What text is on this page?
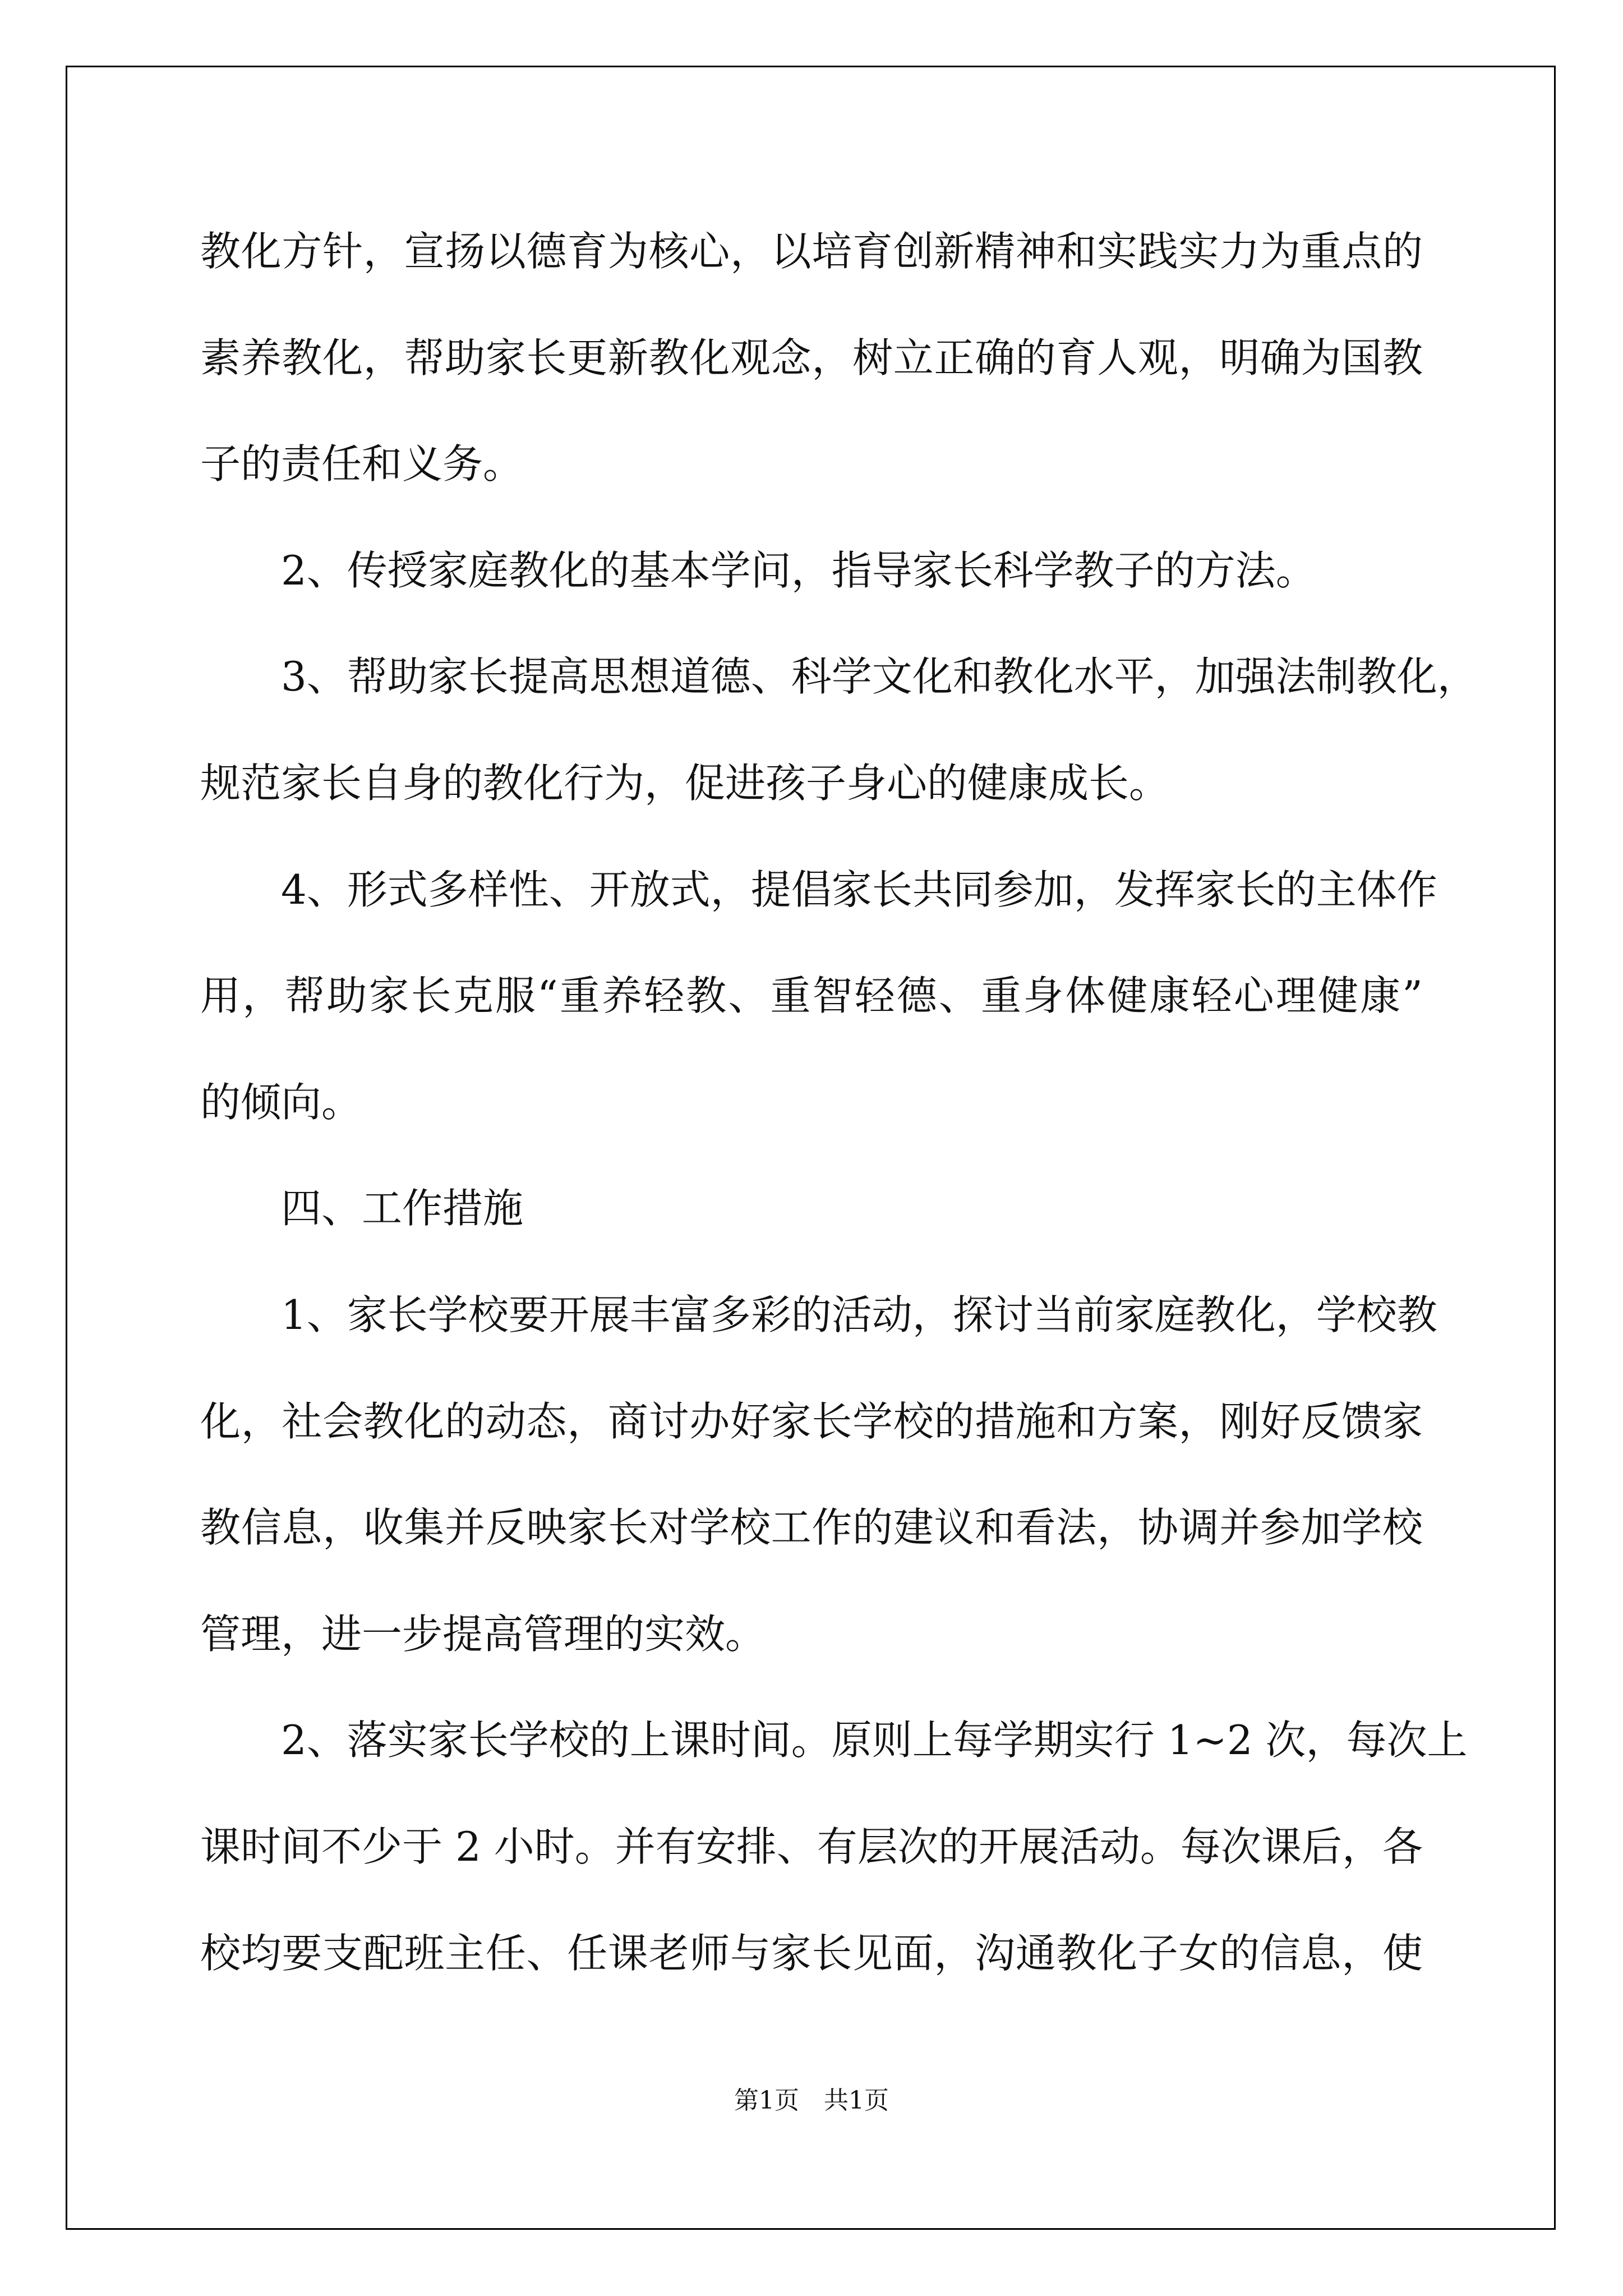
教化方针，宣扬以德育为核心，以培育创新精神和实践实力为重点的
素养教化，帮助家长更新教化观念，树立正确的育人观，明确为国教
子的责任和义务。
2、传授家庭教化的基本学问，指导家长科学教子的方法。
3、帮助家长提高思想道德、科学文化和教化水平，加强法制教化，
规范家长自身的教化行为，促进孩子身心的健康成长。
4、形式多样性、开放式，提倡家长共同参加，发挥家长的主体作
用，帮助家长克服“重养轻教、重智轻德、重身体健康轻心理健康”
的倾向。
四、工作措施
1、家长学校要开展丰富多彩的活动，探讨当前家庭教化，学校教
化，社会教化的动态，商讨办好家长学校的措施和方案，刚好反馈家
教信息，收集并反映家长对学校工作的建议和看法，协调并参加学校
管理，进一步提高管理的实效。
2、落实家长学校的上课时间。原则上每学期实行 1~2 次，每次上
课时间不少于 2 小时。并有安排、有层次的开展活动。每次课后，各
校均要支配班主任、任课老师与家长见面，沟通教化子女的信息，使
第1页　共1页
